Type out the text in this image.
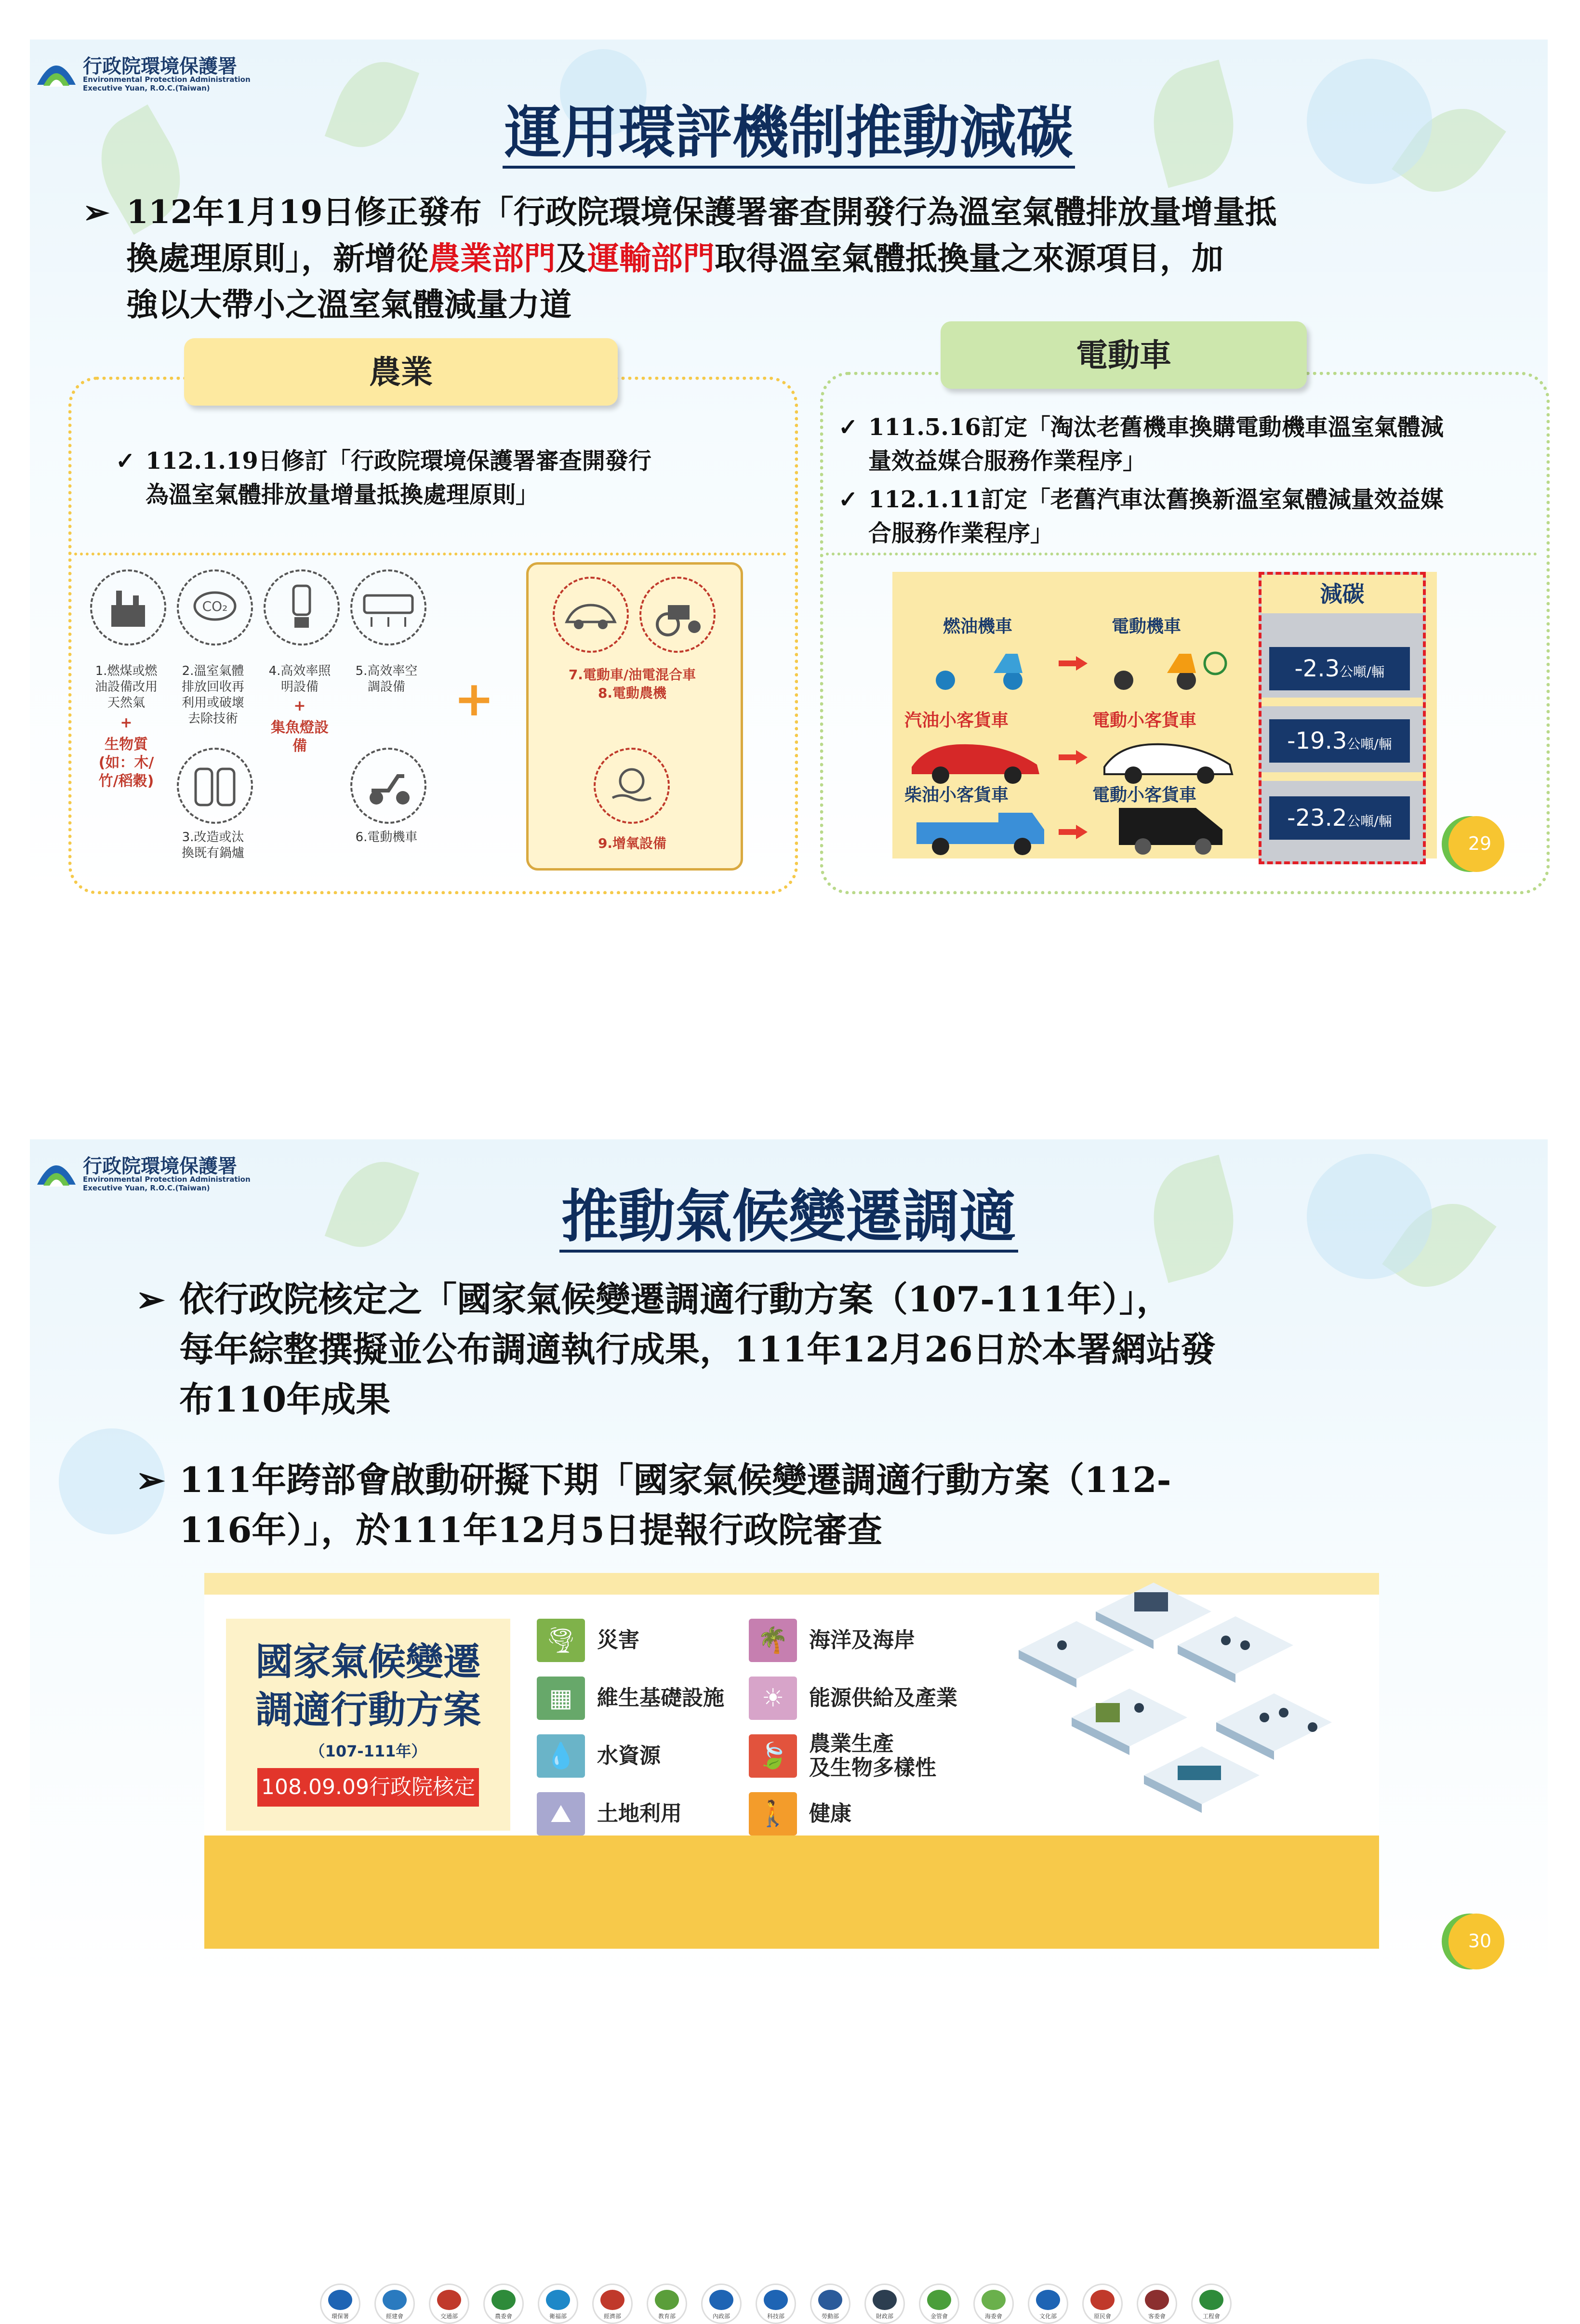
行政院環境保護署
Environmental Protection Administration
Executive Yuan, R.O.C.(Taiwan)
運用環評機制推動減碳
➢ 112年1月19日修正發布「行政院環境保護署審查開發行為溫室氣體排放量增量抵
換處理原則」，新增從農業部門及運輸部門取得溫室氣體抵換量之來源項目，加
強以大帶小之溫室氣體減量力道
農業
✓ 112.1.19日修訂「行政院環境保護署審查開發行
為溫室氣體排放量增量抵換處理原則」
CO₂
1.燃煤或燃
油設備改用
天然氣
+
生物質
(如：木/
竹/稻穀)
2.溫室氣體
排放回收再
利用或破壞
去除技術
4.高效率照
明設備
+
集魚燈設
備
5.高效率空
調設備
3.改造或汰
換既有鍋爐
6.電動機車
+	7.電動車/油電混合車
8.電動農機
9.增氧設備
電動車
✓ 111.5.16訂定「淘汰老舊機車換購電動機車溫室氣體減
量效益媒合服務作業程序」
✓ 112.1.11訂定「老舊汽車汰舊換新溫室氣體減量效益媒
合服務作業程序」
燃油機車	電動機車
汽油小客貨車	電動小客貨車
柴油小客貨車	電動小客貨車
減碳
-2.3公噸/輛
-19.3公噸/輛
-23.2公噸/輛
29
行政院環境保護署
Environmental Protection Administration
Executive Yuan, R.O.C.(Taiwan)	推動氣候變遷調適
➢ 依行政院核定之「國家氣候變遷調適行動方案（107-111年）」，
每年綜整撰擬並公布調適執行成果，111年12月26日於本署網站發
布110年成果
➢ 111年跨部會啟動研擬下期「國家氣候變遷調適行動方案（112-
116年）」，於111年12月5日提報行政院審查
國家氣候變遷
調適行動方案
（107-111年）
108.09.09行政院核定
🌪 災害
▦	維生基礎設施
💧 水資源
⛰	土地利用
🌴 海洋及海岸
☀	能源供給及產業
🍃 農業生產
及生物多樣性
🚶 健康
環保署	經建會	交通部	農委會	衛福部	經濟部	教育部	內政部	科技部	勞動部	財政部	金管會	海委會	文化部	原民會	客委會	工程會
30
